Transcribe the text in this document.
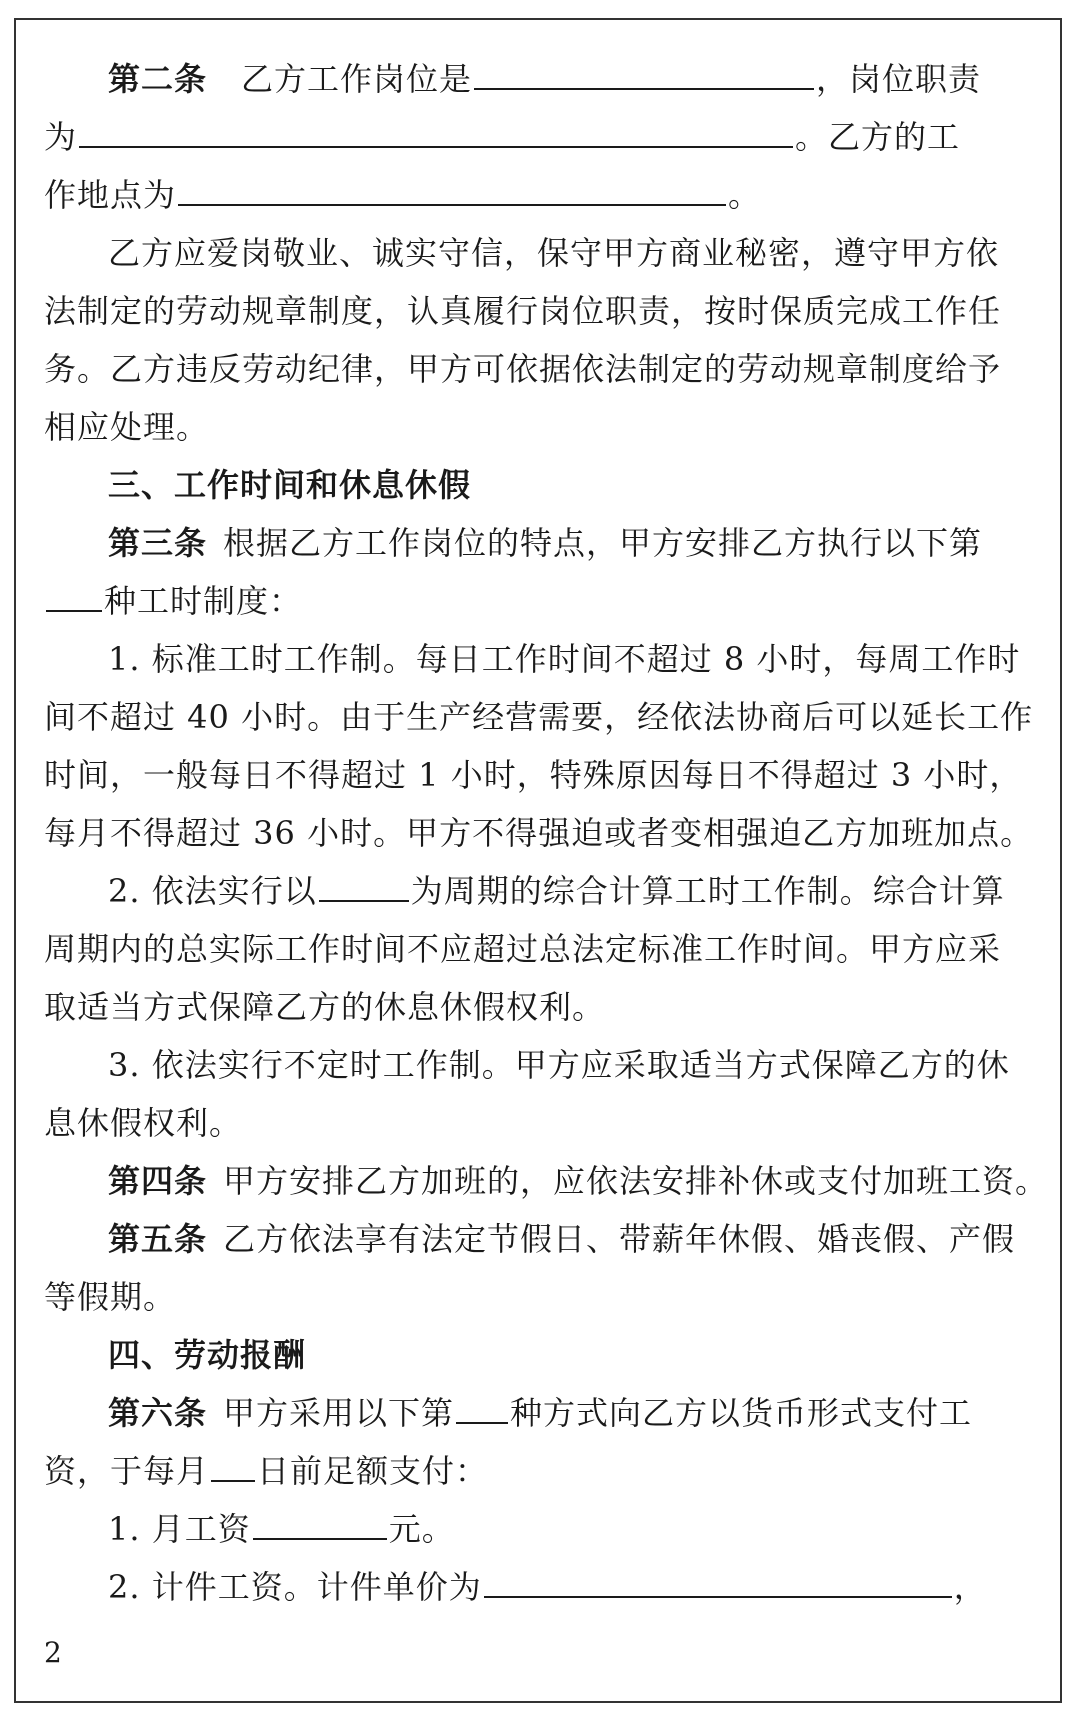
第二条 乙方工作岗位是	，岗位职责
为	。乙方的工
作地点为	。
乙方应爱岗敬业、诚实守信，保守甲方商业秘密，遵守甲方依
法制定的劳动规章制度，认真履行岗位职责，按时保质完成工作任
务。乙方违反劳动纪律，甲方可依据依法制定的劳动规章制度给予
相应处理。
三、工作时间和休息休假
第三条 根据乙方工作岗位的特点，甲方安排乙方执行以下第
种工时制度：
1. 标准工时工作制。每日工作时间不超过 8 小时，每周工作时
间不超过 40 小时。由于生产经营需要，经依法协商后可以延长工作
时间，一般每日不得超过 1 小时，特殊原因每日不得超过 3 小时，
每月不得超过 36 小时。甲方不得强迫或者变相强迫乙方加班加点。
2. 依法实行以	为周期的综合计算工时工作制。综合计算
周期内的总实际工作时间不应超过总法定标准工作时间。甲方应采
取适当方式保障乙方的休息休假权利。
3. 依法实行不定时工作制。甲方应采取适当方式保障乙方的休
息休假权利。
第四条 甲方安排乙方加班的，应依法安排补休或支付加班工资。
第五条 乙方依法享有法定节假日、带薪年休假、婚丧假、产假
等假期。
四、劳动报酬
第六条 甲方采用以下第 种方式向乙方以货币形式支付工
资，于每月 日前足额支付：
1. 月工资	元。
2. 计件工资。计件单价为	，
2
